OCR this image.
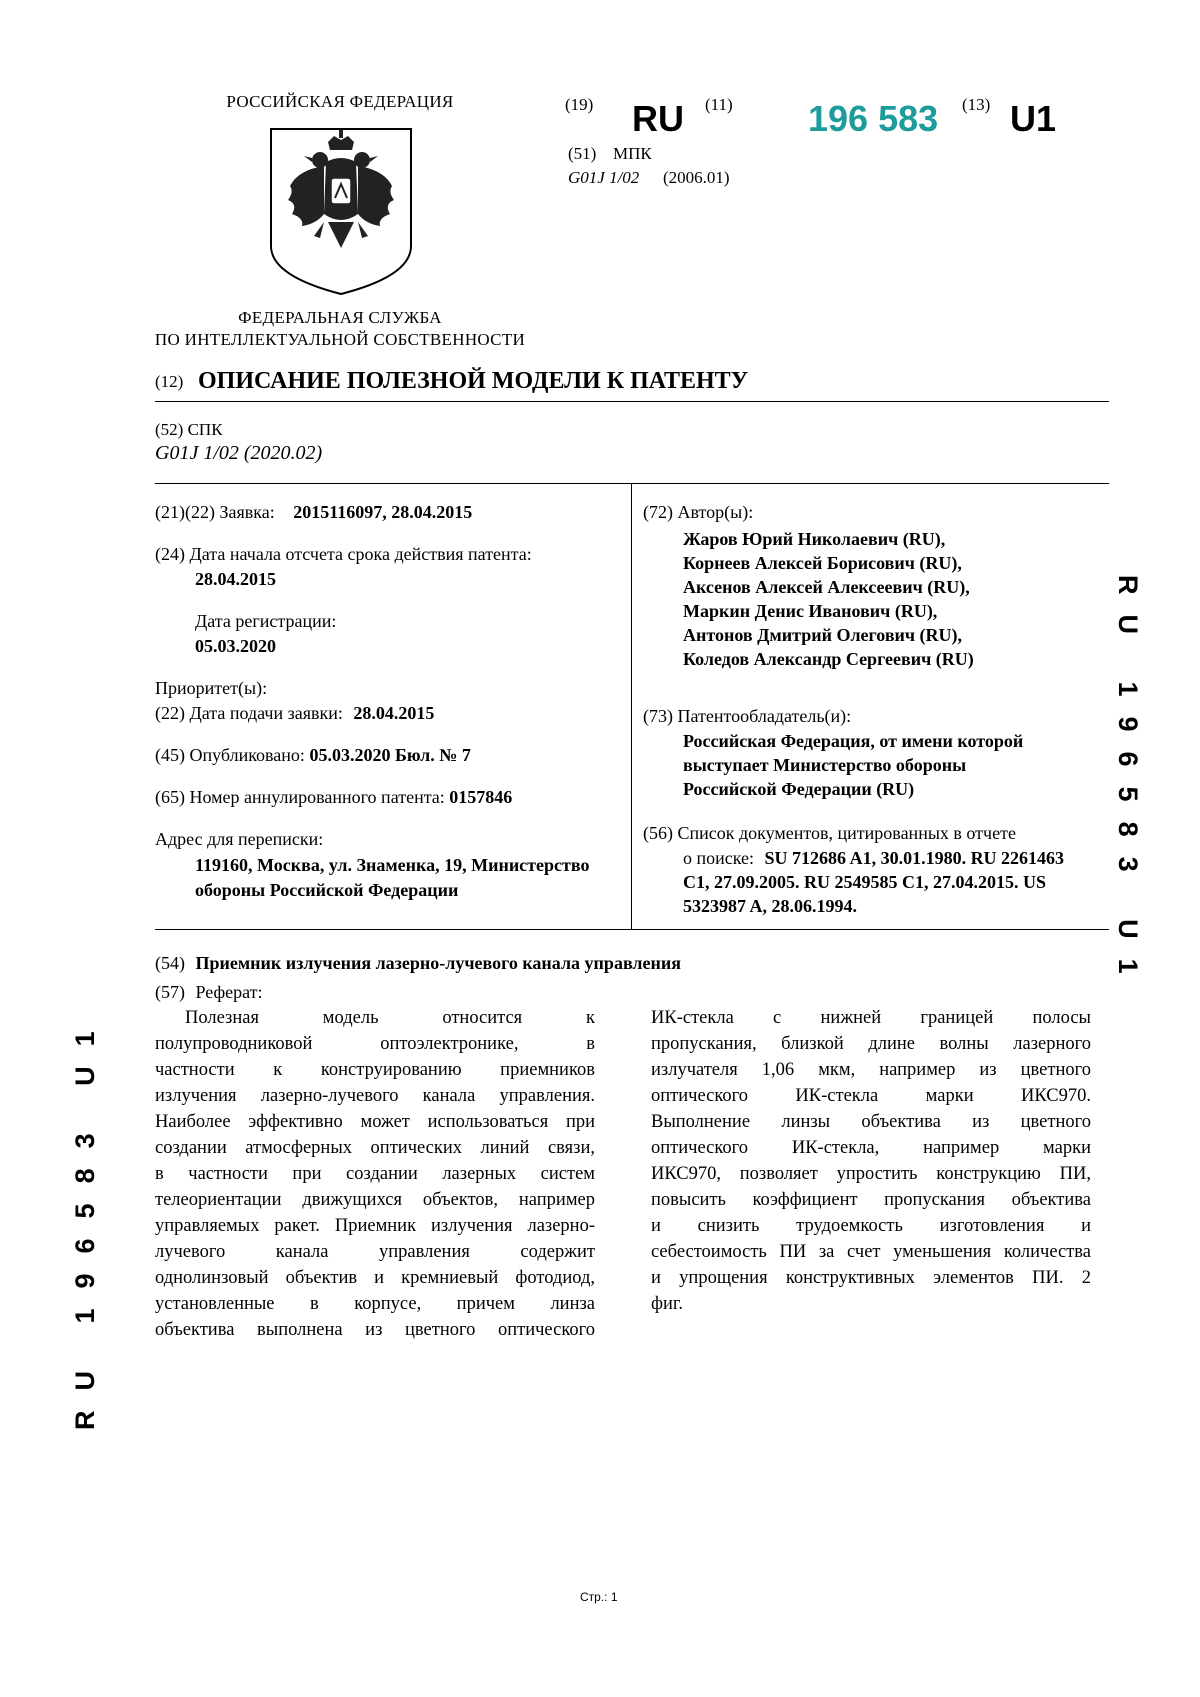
РОССИЙСКАЯ ФЕДЕРАЦИЯ
ФЕДЕРАЛЬНАЯ СЛУЖБА
ПО ИНТЕЛЛЕКТУАЛЬНОЙ СОБСТВЕННОСТИ
(19) RU (11) 196 583 (13) U1
(51) МПК
G01J 1/02 (2006.01)
(12) ОПИСАНИЕ ПОЛЕЗНОЙ МОДЕЛИ К ПАТЕНТУ
(52) СПК
G01J 1/02 (2020.02)
(21)(22) Заявка: 2015116097, 28.04.2015
(24) Дата начала отсчета срока действия патента:
28.04.2015
Дата регистрации:
05.03.2020
Приоритет(ы):
(22) Дата подачи заявки: 28.04.2015
(45) Опубликовано: 05.03.2020 Бюл. № 7
(65) Номер аннулированного патента: 0157846
Адрес для переписки:
119160, Москва, ул. Знаменка, 19, Министерство
обороны Российской Федерации
(72) Автор(ы):
Жаров Юрий Николаевич (RU),
Корнеев Алексей Борисович (RU),
Аксенов Алексей Алексеевич (RU),
Маркин Денис Иванович (RU),
Антонов Дмитрий Олегович (RU),
Коледов Александр Сергеевич (RU)
(73) Патентообладатель(и):
Российская Федерация, от имени которой
выступает Министерство обороны
Российской Федерации (RU)
(56) Список документов, цитированных в отчете
о поиске: SU 712686 A1, 30.01.1980. RU 2261463
C1, 27.09.2005. RU 2549585 C1, 27.04.2015. US
5323987 A, 28.06.1994.
(54) Приемник излучения лазерно-лучевого канала управления
(57) Реферат:

Полезная модель относится к

полупроводниковой оптоэлектронике, в

частности к конструированию приемников

излучения лазерно-лучевого канала управления.

Наиболее эффективно может использоваться при

создании атмосферных оптических линий связи,

в частности при создании лазерных систем

телеориентации движущихся объектов, например

управляемых ракет. Приемник излучения лазерно-

лучевого канала управления содержит

однолинзовый объектив и кремниевый фотодиод,

установленные в корпусе, причем линза

объектива выполнена из цветного оптического

ИК-стекла с нижней границей полосы

пропускания, близкой длине волны лазерного

излучателя 1,06 мкм, например из цветного

оптического ИК-стекла марки ИКС970.

Выполнение линзы объектива из цветного

оптического ИК-стекла, например марки

ИКС970, позволяет упростить конструкцию ПИ,

повысить коэффициент пропускания объектива

и снизить трудоемкость изготовления и

себестоимость ПИ за счет уменьшения количества

и упрощения конструктивных элементов ПИ. 2

фиг.

RU 196583 U1
RU 196583 U1
Стр.: 1
